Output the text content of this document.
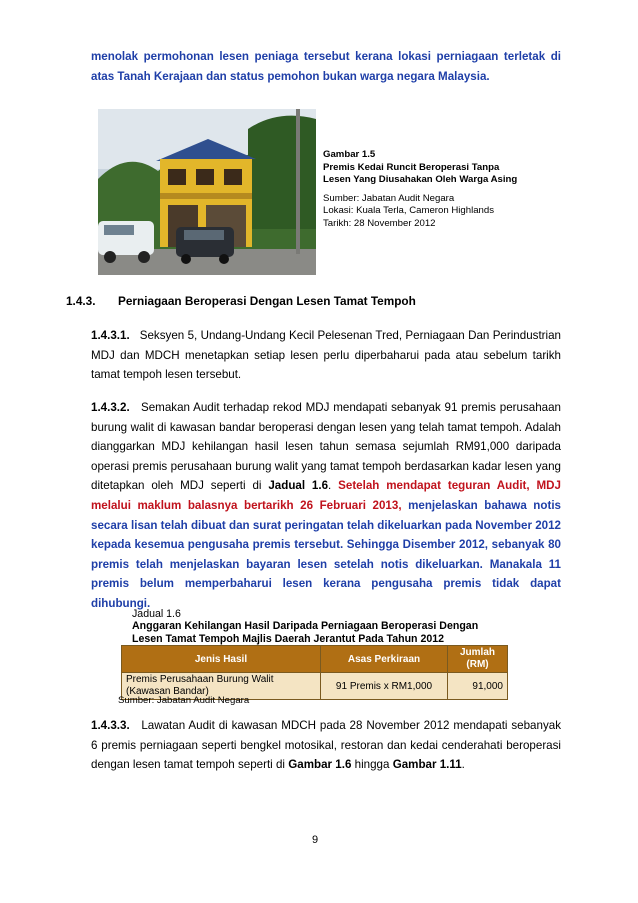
menolak permohonan lesen peniaga tersebut kerana lokasi perniagaan terletak di
atas Tanah Kerajaan dan status pemohon bukan warga negara Malaysia.
Gambar 1.5
Premis Kedai Runcit Beroperasi Tanpa
Lesen Yang Diusahakan Oleh Warga Asing
Sumber: Jabatan Audit Negara
Lokasi: Kuala Terla, Cameron Highlands
Tarikh: 28 November 2012
1.4.3. Perniagaan Beroperasi Dengan Lesen Tamat Tempoh

1.4.3.1. Seksyen 5, Undang-Undang Kecil Pelesenan Tred, Perniagaan Dan Perindustrian MDJ dan MDCH menetapkan setiap lesen perlu diperbaharui pada atau sebelum tarikh tamat tempoh lesen tersebut.

1.4.3.2. Semakan Audit terhadap rekod MDJ mendapati sebanyak 91 premis perusahaan burung walit di kawasan bandar beroperasi dengan lesen yang telah tamat tempoh. Adalah dianggarkan MDJ kehilangan hasil lesen tahun semasa sejumlah RM91,000 daripada operasi premis perusahaan burung walit yang tamat tempoh berdasarkan kadar lesen yang ditetapkan oleh MDJ seperti di Jadual 1.6. Setelah mendapat teguran Audit, MDJ melalui maklum balasnya bertarikh 26 Februari 2013, menjelaskan bahawa notis secara lisan telah dibuat dan surat peringatan telah dikeluarkan pada November 2012 kepada kesemua pengusaha premis tersebut. Sehingga Disember 2012, sebanyak 80 premis telah menjelaskan bayaran lesen setelah notis dikeluarkan. Manakala 11 premis belum memperbaharui lesen kerana pengusaha premis tidak dapat dihubungi.

Jadual 1.6
Anggaran Kehilangan Hasil Daripada Perniagaan Beroperasi Dengan
Lesen Tamat Tempoh Majlis Daerah Jerantut Pada Tahun 2012
Jenis Hasil	Asas Perkiraan	Jumlah
(RM)

Premis Perusahaan Burung Walit
(Kawasan Bandar)	91 Premis x RM1,000	91,000
Sumber: Jabatan Audit Negara

1.4.3.3. Lawatan Audit di kawasan MDCH pada 28 November 2012 mendapati sebanyak 6 premis perniagaan seperti bengkel motosikal, restoran dan kedai cenderahati beroperasi dengan lesen tamat tempoh seperti di Gambar 1.6 hingga Gambar 1.11.

9
